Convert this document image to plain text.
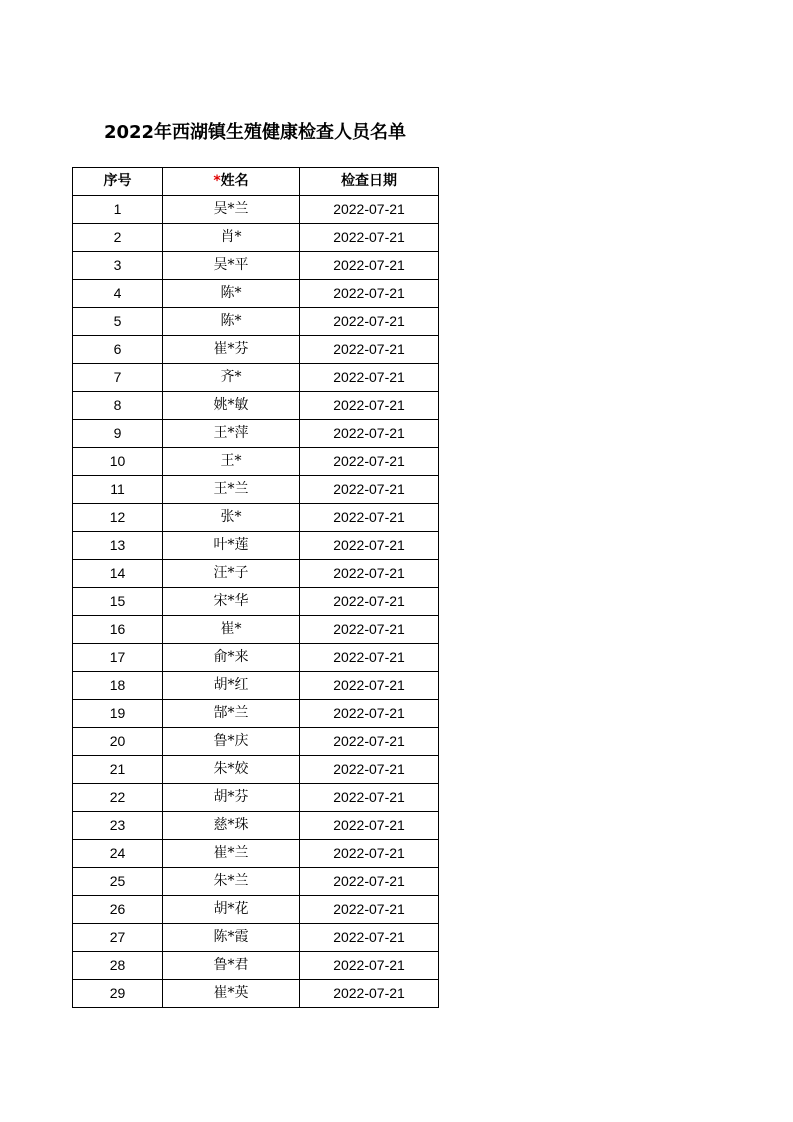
2022年西湖镇生殖健康检查人员名单
序号	*姓名	检查日期
1	吴*兰	2022-07-21
2	肖*	2022-07-21
3	吴*平	2022-07-21
4	陈*	2022-07-21
5	陈*	2022-07-21
6	崔*芬	2022-07-21
7	齐*	2022-07-21
8	姚*敏	2022-07-21
9	王*萍	2022-07-21
10	王*	2022-07-21
11	王*兰	2022-07-21
12	张*	2022-07-21
13	叶*莲	2022-07-21
14	汪*子	2022-07-21
15	宋*华	2022-07-21
16	崔*	2022-07-21
17	俞*来	2022-07-21
18	胡*红	2022-07-21
19	郜*兰	2022-07-21
20	鲁*庆	2022-07-21
21	朱*姣	2022-07-21
22	胡*芬	2022-07-21
23	慈*珠	2022-07-21
24	崔*兰	2022-07-21
25	朱*兰	2022-07-21
26	胡*花	2022-07-21
27	陈*霞	2022-07-21
28	鲁*君	2022-07-21
29	崔*英	2022-07-21
